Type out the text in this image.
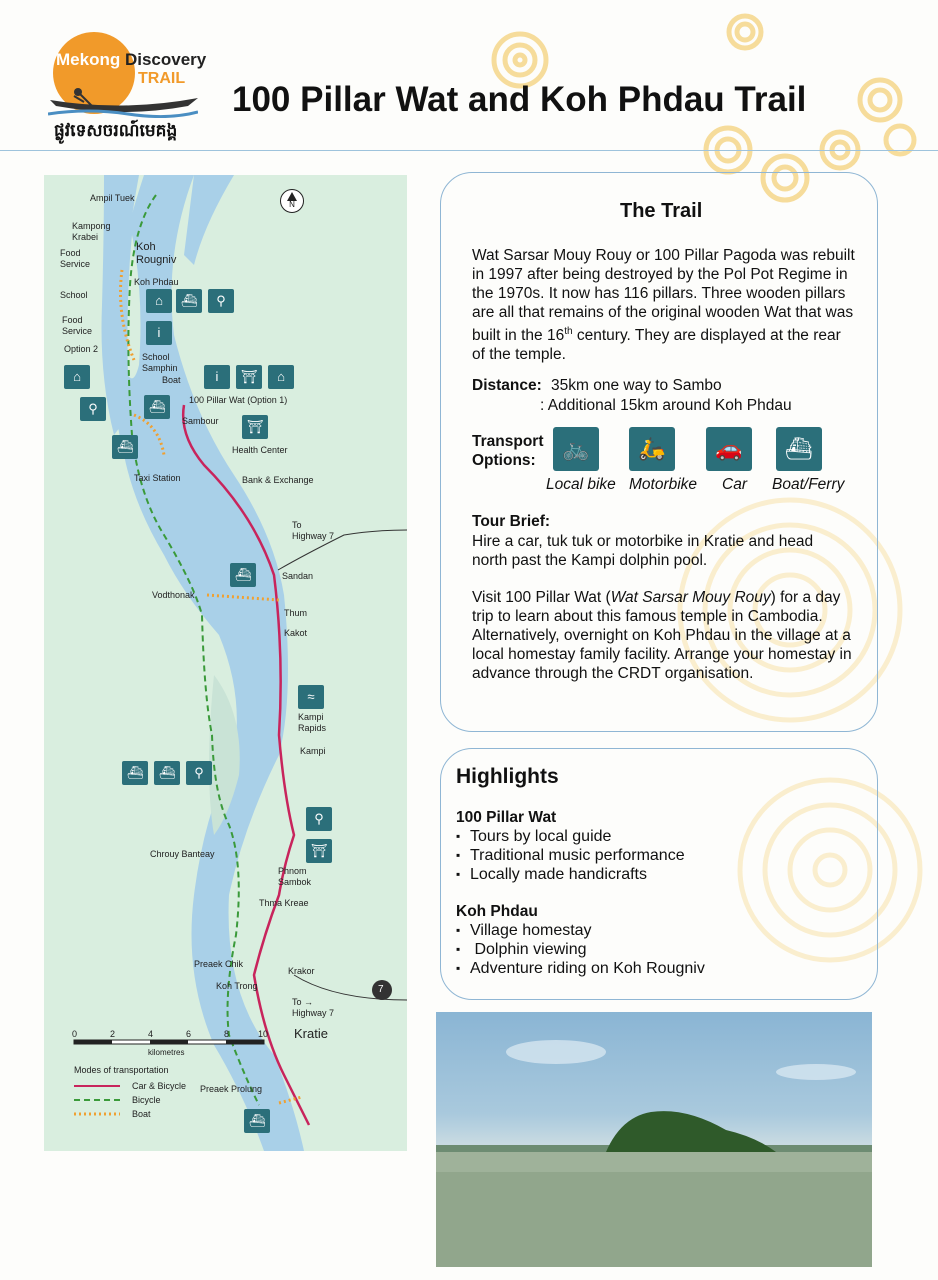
Mekong Discovery
TRAIL
ផ្លូវទេសចរណ៍មេគង្គ
100 Pillar Wat and Koh Phdau Trail
N
Ampil Tuek
Kampong
Krabei
Koh
Rougniv
Food
Service
Koh Phdau
School
Food
Service
Option 2
School
Samphin
Boat
100 Pillar Wat (Option 1)
Sambour
Health Center
Taxi Station	Bank & Exchange
To
Highway 7
Sandan
Vodthonak
Thum
Kakot
Kampi
Rapids
Kampi
Chrouy Banteay
Phnom
Sambok
Thma Kreae
Preaek Chik
Koh Trong
Krakor
To →
Highway 7
7
Kratie
Preaek Prolung
⌂	⛴	⚲
i
⌂	i	⛩	⌂
⚲	⛴
⛴
⛩
⛴
≈
⛴	⛴	⚲
⚲
⛩
⛴
0	2	4	6	8	10
kilometres
Modes of transportation
Car & Bicycle
Bicycle
Boat
The Trail
Wat Sarsar Mouy Rouy or 100 Pillar Pagoda was rebuilt in 1997 after being destroyed by the Pol Pot Regime in the 1970s. It now has 116 pillars. Three wooden pillars are all that remains of the original wooden Wat that was built in the 16th century. They are displayed at the rear of the temple.
Distance: 35km one way to Sambo
: Additional 15km around Koh Phdau
Transport
Options:	🚲	🛵	🚗	⛴
Local bike Motorbike Car Boat/Ferry
Tour Brief:
Hire a car, tuk tuk or motorbike in Kratie and head north past the Kampi dolphin pool.
Visit 100 Pillar Wat (Wat Sarsar Mouy Rouy) for a day trip to learn about this famous temple in Cambodia. Alternatively, overnight on Koh Phdau in the village at a local homestay family facility. Arrange your homestay in advance through the CRDT organisation.
Highlights
100 Pillar Wat
▪ Tours by local guide
▪ Traditional music performance
▪ Locally made handicrafts
Koh Phdau
▪ Village homestay
▪  Dolphin viewing
▪ Adventure riding on Koh Rougniv
